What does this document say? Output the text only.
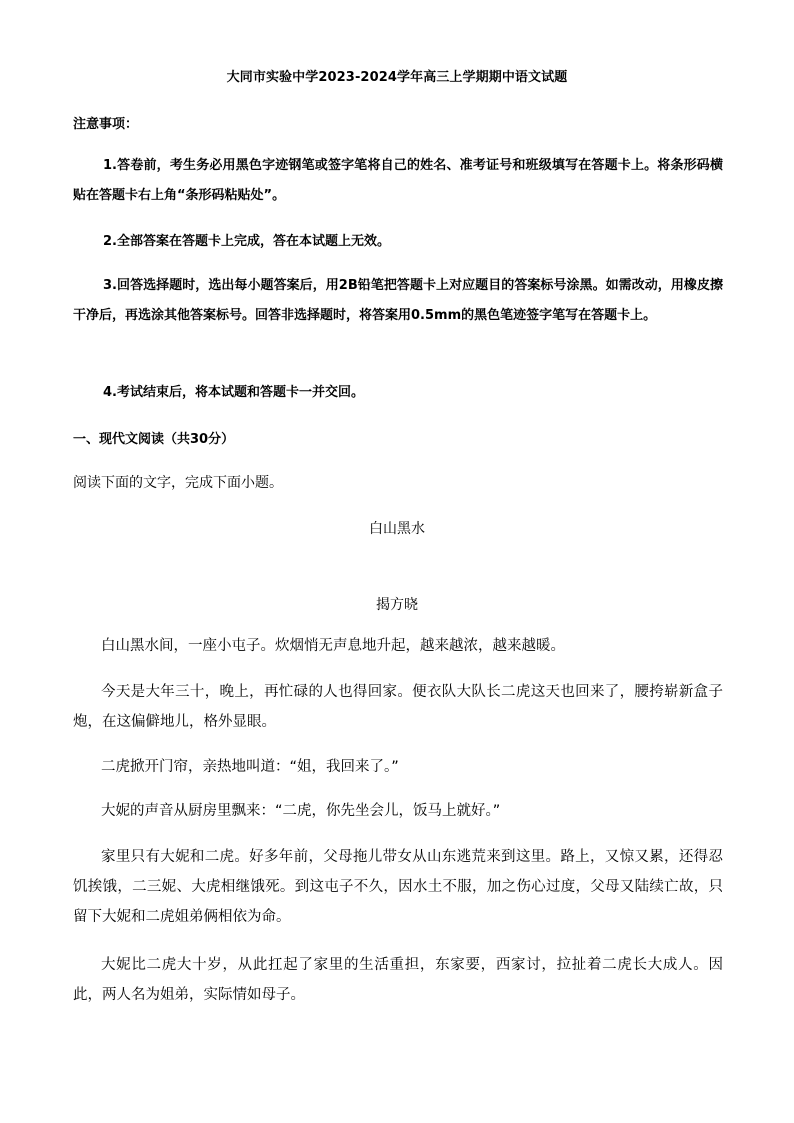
大同市实验中学2023-2024学年高三上学期期中语文试题
注意事项：
1.答卷前，考生务必用黑色字迹钢笔或签字笔将自己的姓名、准考证号和班级填写在答题卡上。将条形码横贴在答题卡右上角“条形码粘贴处”。
2.全部答案在答题卡上完成，答在本试题上无效。
3.回答选择题时，选出每小题答案后，用2B铅笔把答题卡上对应题目的答案标号涂黑。如需改动，用橡皮擦干净后，再选涂其他答案标号。回答非选择题时，将答案用0.5mm的黑色笔迹签字笔写在答题卡上。
4.考试结束后，将本试题和答题卡一并交回。
一、现代文阅读（共30分）
阅读下面的文字，完成下面小题。
白山黑水
揭方晓
白山黑水间，一座小屯子。炊烟悄无声息地升起，越来越浓，越来越暖。
今天是大年三十，晚上，再忙碌的人也得回家。便衣队大队长二虎这天也回来了，腰挎崭新盒子炮，在这偏僻地儿，格外显眼。
二虎掀开门帘，亲热地叫道：“姐，我回来了。”
大妮的声音从厨房里飘来：“二虎，你先坐会儿，饭马上就好。”
家里只有大妮和二虎。好多年前，父母拖儿带女从山东逃荒来到这里。路上，又惊又累，还得忍饥挨饿，二三妮、大虎相继饿死。到这屯子不久，因水土不服，加之伤心过度，父母又陆续亡故，只留下大妮和二虎姐弟俩相依为命。
大妮比二虎大十岁，从此扛起了家里的生活重担，东家要，西家讨，拉扯着二虎长大成人。因此，两人名为姐弟，实际情如母子。
